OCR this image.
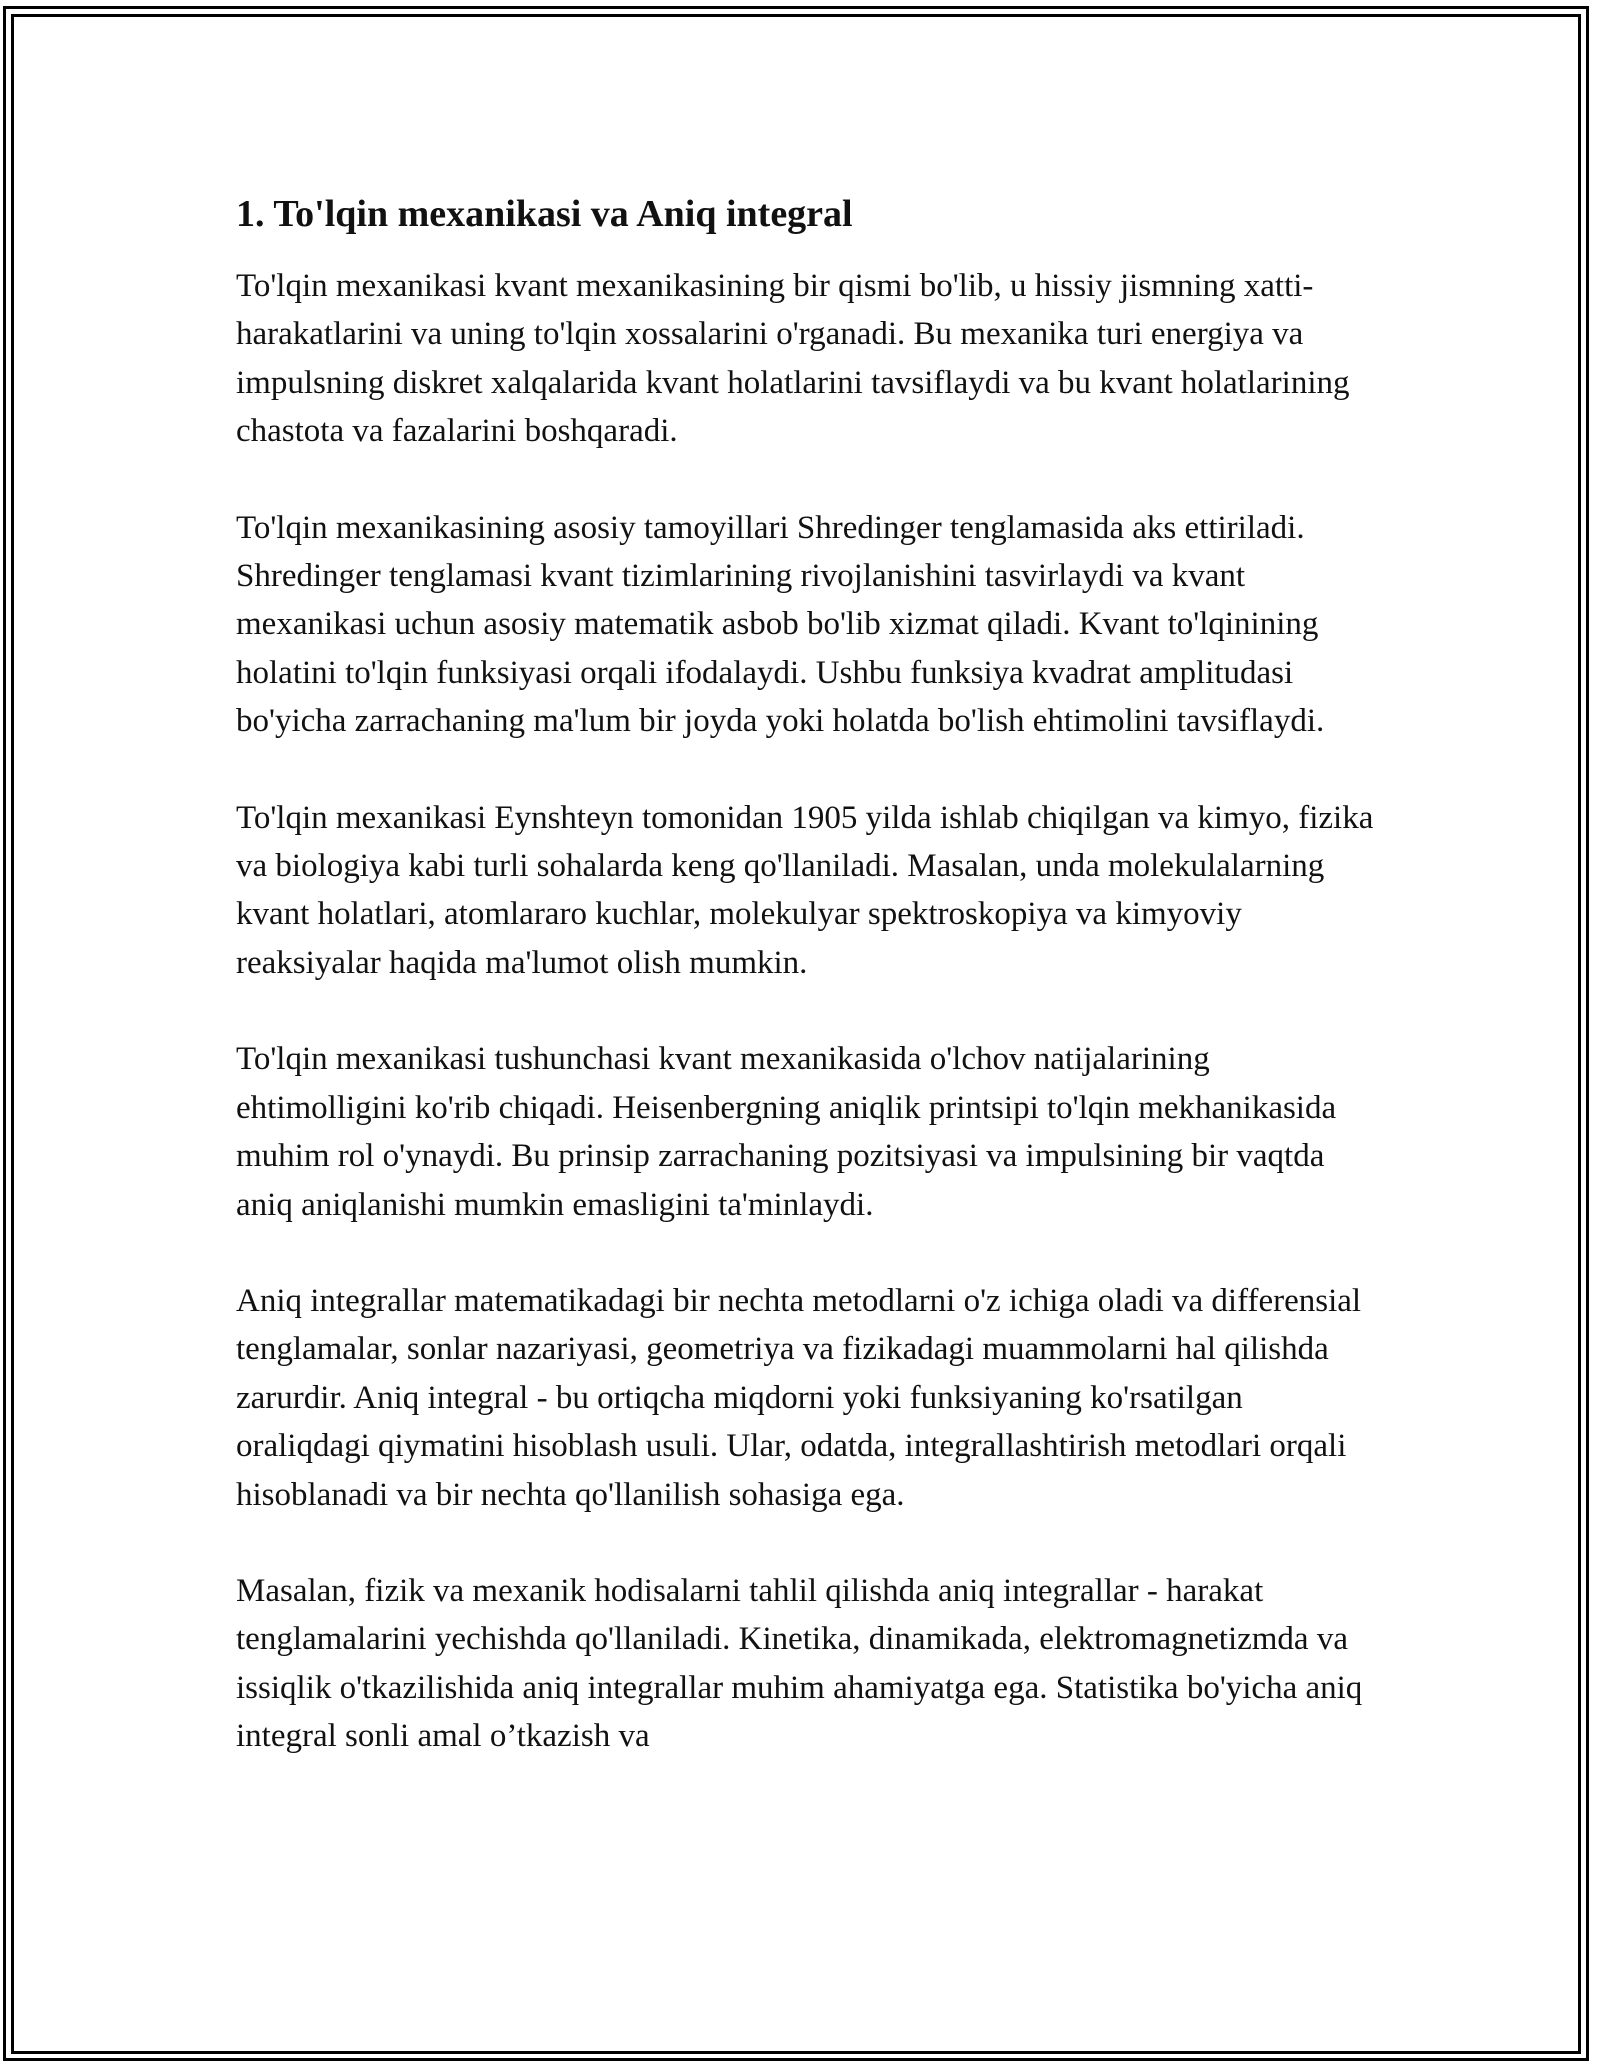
1. To'lqin mexanikasi va Aniq integral

To'lqin mexanikasi kvant mexanikasining bir qismi bo'lib, u hissiy jismning xatti-harakatlarini va uning to'lqin xossalarini o'rganadi. Bu mexanika turi energiya va impulsning diskret xalqalarida kvant holatlarini tavsiflaydi va bu kvant holatlarining chastota va fazalarini boshqaradi.

To'lqin mexanikasining asosiy tamoyillari Shredinger tenglamasida aks ettiriladi. Shredinger tenglamasi kvant tizimlarining rivojlanishini tasvirlaydi va kvant mexanikasi uchun asosiy matematik asbob bo'lib xizmat qiladi. Kvant to'lqinining holatini to'lqin funksiyasi orqali ifodalaydi. Ushbu funksiya kvadrat amplitudasi bo'yicha zarrachaning ma'lum bir joyda yoki holatda bo'lish ehtimolini tavsiflaydi.

To'lqin mexanikasi Eynshteyn tomonidan 1905 yilda ishlab chiqilgan va kimyo, fizika va biologiya kabi turli sohalarda keng qo'llaniladi. Masalan, unda molekulalarning kvant holatlari, atomlararo kuchlar, molekulyar spektroskopiya va kimyoviy reaksiyalar haqida ma'lumot olish mumkin.

To'lqin mexanikasi tushunchasi kvant mexanikasida o'lchov natijalarining ehtimolligini ko'rib chiqadi. Heisenbergning aniqlik printsipi to'lqin mekhanikasida muhim rol o'ynaydi. Bu prinsip zarrachaning pozitsiyasi va impulsining bir vaqtda aniq aniqlanishi mumkin emasligini ta'minlaydi.

Aniq integrallar matematikadagi bir nechta metodlarni o'z ichiga oladi va differensial tenglamalar, sonlar nazariyasi, geometriya va fizikadagi muammolarni hal qilishda zarurdir. Aniq integral - bu ortiqcha miqdorni yoki funksiyaning ko'rsatilgan oraliqdagi qiymatini hisoblash usuli. Ular, odatda, integrallashtirish metodlari orqali hisoblanadi va bir nechta qo'llanilish sohasiga ega.

Masalan, fizik va mexanik hodisalarni tahlil qilishda aniq integrallar - harakat tenglamalarini yechishda qo'llaniladi. Kinetika, dinamikada, elektromagnetizmda va issiqlik o'tkazilishida aniq integrallar muhim ahamiyatga ega. Statistika bo'yicha aniq integral sonli amal o’tkazish va
